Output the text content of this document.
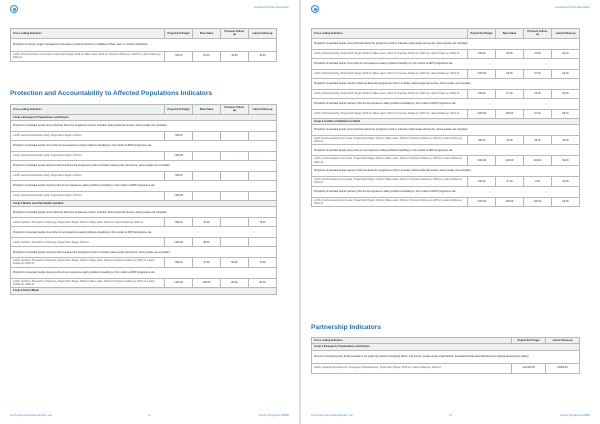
Household Project Description
Cross-cutting Indicators	Project End Target	Base Value	Previous Follow-up	Latest Follow-up
Proportion of women project management committee members trained on modalities of food, cash, or voucher distribution				
LAOS, Food Assistance for Assets, Project End Target: 2016.12, Base value: 2014.12, Previous Follow-up: 2015.12, Latest Follow-up: 2016.12	=60.00	52.00	30.00	44.00
Protection and Accountability to Affected Populations Indicators
Cross-cutting Indicators	Project End Target	Base Value	Previous Follow-up	Latest Follow-up
Comp.1-Emergency Preparedness and Respon				
Proportion of assisted people (men) informed about the programme (who is included, what people will receive, where people can complain)				
LAOS, General Distribution (GD), Project End Target: 2016.12	=80.00			
Proportion of assisted people (men) who do not experience safety problems travelling to, from and/or at WFP programme site				
LAOS, General Distribution (GD), Project End Target: 2016.12	=100.00		-	-
Proportion of assisted people (women) informed about the programme (who is included, what people will receive, where people can complain)				
LAOS, General Distribution (GD), Project End Target: 2016.12	=80.00			
Proportion of assisted people (women) who do not experience safety problems travelling to, from and/or at WFP programme site				
LAOS, General Distribution (GD), Project End Target: 2016.12	=100.00			
Comp.2-Mother and Child Health and Nutri				
Proportion of assisted people (men) informed about the programme (who is included, what people will receive, where people can complain)				
LAOS, Nutrition: Prevention of Stunting, Project End Target: 2016.12, Base value: 2014.12, Latest Follow-up: 2016.12	=80.00	20.00		79.20
Proportion of assisted people (men) who do not experience safety problems travelling to, from and/or at WFP programme site				
LAOS, Nutrition: Prevention of Stunting, Project End Target: 2016.12	=100.00	96.00		
Proportion of assisted people (women) informed about the programme (who is included, what people will receive, where people can complain)				
LAOS, Nutrition: Prevention of Stunting, Project End Target: 2016.12, Base value: 2014.12, Previous Follow-up: 2015.12, Latest Follow-up: 2016.12	=80.00	27.00	56.00	73.00
Proportion of assisted people (women) who do not experience safety problems travelling to, from and/or at WFP programme site				
LAOS, Nutrition: Prevention of Stunting, Project End Target: 2016.12, Base value: 2014.12, Previous Follow-up: 2015.12, Latest Follow-up: 2016.12	=100.00	100.00	80.00	90.00
Comp.3-School Meals				
Lao People's Democratic Republic, Lao	14	Country Programme 200860
Household Project Description
Cross-cutting Indicators	Project End Target	Base Value	Previous Follow-up	Latest Follow-up
Proportion of assisted people (men) informed about the programme (who is included, what people will receive, where people can complain)				
LAOS, School Feeding, Project End Target: 2016.12, Base value: 2014.12, Previous Follow-up: 2015.12, Latest Follow-up: 2016.12	=80.00	25.00	22.00	50.10
Proportion of assisted people (men) who do not experience safety problems travelling to, from and/or at WFP programme site				
LAOS, School Feeding, Project End Target: 2016.12, Base value: 2014.12, Previous Follow-up: 2015.12, Latest Follow-up: 2016.12	=100.00	96.00	97.00	94.20
Proportion of assisted people (women) informed about the programme (who is included, what people will receive, where people can complain)				
LAOS, School Feeding, Project End Target: 2016.12, Base value: 2014.12, Previous Follow-up: 2015.12, Latest Follow-up: 2016.12	=80.00	27.00	25.00	50.00
Proportion of assisted people (women) who do not experience safety problems travelling to, from and/or at WFP programme site				
LAOS, School Feeding, Project End Target: 2016.12, Base value: 2014.12, Previous Follow-up: 2015.12, Latest Follow-up: 2016.12	=100.00	100.00	97.00	99.20
Comp.4-Livelihood Initiatives for Nutrit				
Proportion of assisted people (men) informed about the programme (who is included, what people will receive, where people can complain)				
LAOS, Food Assistance for Assets, Project End Target: 2016.12, Base value: 2014.12, Previous Follow-up: 2015.12, Latest Follow-up: 2016.12	=80.00	20.00	28.00	34.00
Proportion of assisted people (men) who do not experience safety problems travelling to, from and/or at WFP programme site				
LAOS, Food Assistance for Assets, Project End Target: 2016.12, Base value: 2014.12, Previous Follow-up: 2015.12, Latest Follow-up: 2016.12	=100.00	100.00	100.00	99.00
Proportion of assisted people (women) informed about the programme (who is included, what people will receive, where people can complain)				
LAOS, Food Assistance for Assets, Project End Target: 2016.12, Base value: 2014.12, Previous Follow-up: 2015.12, Latest Follow-up: 2016.12	=80.00	27.00	0.00	34.00
Proportion of assisted people (women) who do not experience safety problems travelling to, from and/or at WFP programme site				
LAOS, Food Assistance for Assets, Project End Target: 2016.12, Base value: 2014.12, Previous Follow-up: 2015.12, Latest Follow-up: 2016.12	=100.00	100.00	100.00	99.00
Partnership Indicators
Cross-cutting Indicators	Project End Target	Latest Follow-up
Comp.1-Emergency Preparedness and Respon		
Amount of complementary funds provided to the project by partners (including NGOs, civil society, private sector organizations, international financial institutions and regional development banks)		
LAOS, Capacity Development - Emergency Preparedness, Project End Target: 2016.12, Latest Follow-up: 2016.12	=40,000.00	15000.00
Lao People's Democratic Republic, Lao	15	Country Programme 200860
